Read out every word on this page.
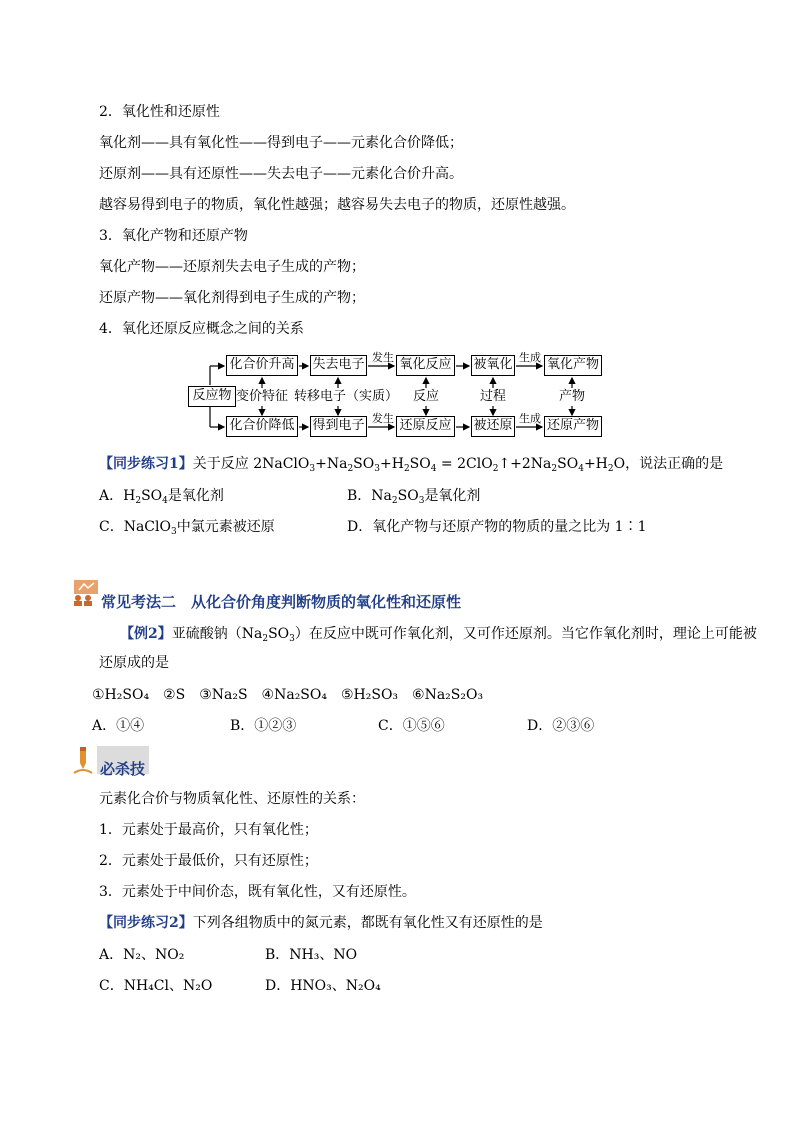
2．氧化性和还原性
氧化剂——具有氧化性——得到电子——元素化合价降低；
还原剂——具有还原性——失去电子——元素化合价升高。
越容易得到电子的物质，氧化性越强；越容易失去电子的物质，还原性越强。
3．氧化产物和还原产物
氧化产物——还原剂失去电子生成的产物；
还原产物——氧化剂得到电子生成的产物；
4．氧化还原反应概念之间的关系
反应物
化合价升高
化合价降低
失去电子
得到电子
氧化反应
还原反应
被氧化
被还原
氧化产物
还原产物
发生
发生
生成
生成
变价特征 转移电子（实质） 反应	过程	产物
【同步练习1】关于反应 $2NaClO_3+Na_2SO_3+H_2SO_4$ = $2ClO_2↑+2Na_2SO_4+H_2O$，说法正确的是
A．$H_2SO_4$是氧化剂	B．$Na_2SO_3$是氧化剂
C．NaClO$_3$中氯元素被还原	D．氧化产物与还原产物的物质的量之比为 1∶1
常见考法二　从化合价角度判断物质的氧化性和还原性
【例2】亚硫酸钠$(Na_2SO_3)$在反应中既可作氧化剂，又可作还原剂。当它作氧化剂时，理论上可能被
还原成的是
①H₂SO₄　②S　③Na₂S　④Na₂SO₄　⑤H₂SO₃　⑥Na₂S₂O₃
A．①④	B．①②③	C．①⑤⑥	D．②③⑥
必杀技
元素化合价与物质氧化性、还原性的关系：
1．元素处于最高价，只有氧化性；
2．元素处于最低价，只有还原性；
3．元素处于中间价态，既有氧化性，又有还原性。
【同步练习2】下列各组物质中的氮元素，都既有氧化性又有还原性的是
A．N₂、NO₂	B．NH₃、NO
C．NH₄Cl、N₂O	D．HNO₃、N₂O₄
